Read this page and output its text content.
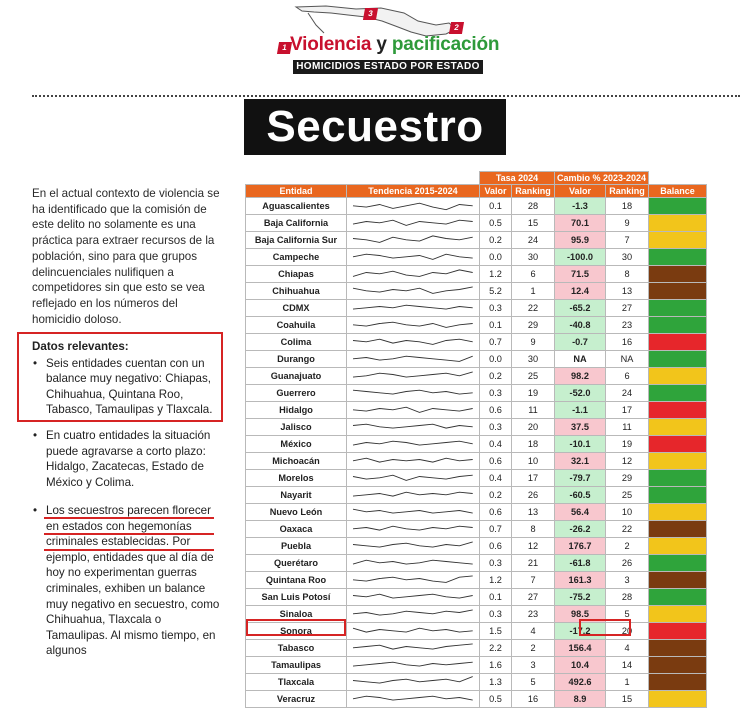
3
2
1 Violencia y pacificación
HOMICIDIOS ESTADO POR ESTADO
Secuestro

En el actual contexto de violencia se ha identificado que la comisión de este delito no solamente es una práctica para extraer recursos de la población, sino para que grupos delincuenciales nulifiquen a competidores sin que esto se vea reflejado en los números del homicidio doloso.

Datos relevantes:
• Seis entidades cuentan con un balance muy negativo: Chiapas, Chihuahua, Quintana Roo, Tabasco, Tamaulipas y Tlaxcala.
• En cuatro entidades la situación puede agravarse a corto plazo: Hidalgo, Zacatecas, Estado de México y Colima.
• Los secuestros parecen florecer en estados con hegemonías criminales establecidas. Por ejemplo, entidades que al día de hoy no experimentan guerras criminales, exhiben un balance muy negativo en secuestro, como Chihuahua, Tlaxcala o Tamaulipas. Al mismo tiempo, en algunos
		Tasa 2024		Cambio % 2023-2024		
Entidad	Tendencia 2015-2024	Valor	Ranking	Valor	Ranking	Balance
Aguascalientes		0.1	28	-1.3	18	

Baja California		0.5	15	70.1	9	

Baja California Sur		0.2	24	95.9	7	

Campeche		0.0	30	-100.0	30	

Chiapas		1.2	6	71.5	8	

Chihuahua		5.2	1	12.4	13	

CDMX		0.3	22	-65.2	27	

Coahuila		0.1	29	-40.8	23	

Colima		0.7	9	-0.7	16	

Durango		0.0	30	NA	NA	

Guanajuato		0.2	25	98.2	6	

Guerrero		0.3	19	-52.0	24	

Hidalgo		0.6	11	-1.1	17	

Jalisco		0.3	20	37.5	11	

México		0.4	18	-10.1	19	

Michoacán		0.6	10	32.1	12	

Morelos		0.4	17	-79.7	29	

Nayarit		0.2	26	-60.5	25	

Nuevo León		0.6	13	56.4	10	

Oaxaca		0.7	8	-26.2	22	

Puebla		0.6	12	176.7	2	

Querétaro		0.3	21	-61.8	26	

Quintana Roo		1.2	7	161.3	3	

San Luis Potosí		0.1	27	-75.2	28	

Sinaloa		0.3	23	98.5	5	

Sonora		1.5	4	-17.2	20	

Tabasco		2.2	2	156.4	4	

Tamaulipas		1.6	3	10.4	14	

Tlaxcala		1.3	5	492.6	1	

Veracruz		0.5	16	8.9	15	
